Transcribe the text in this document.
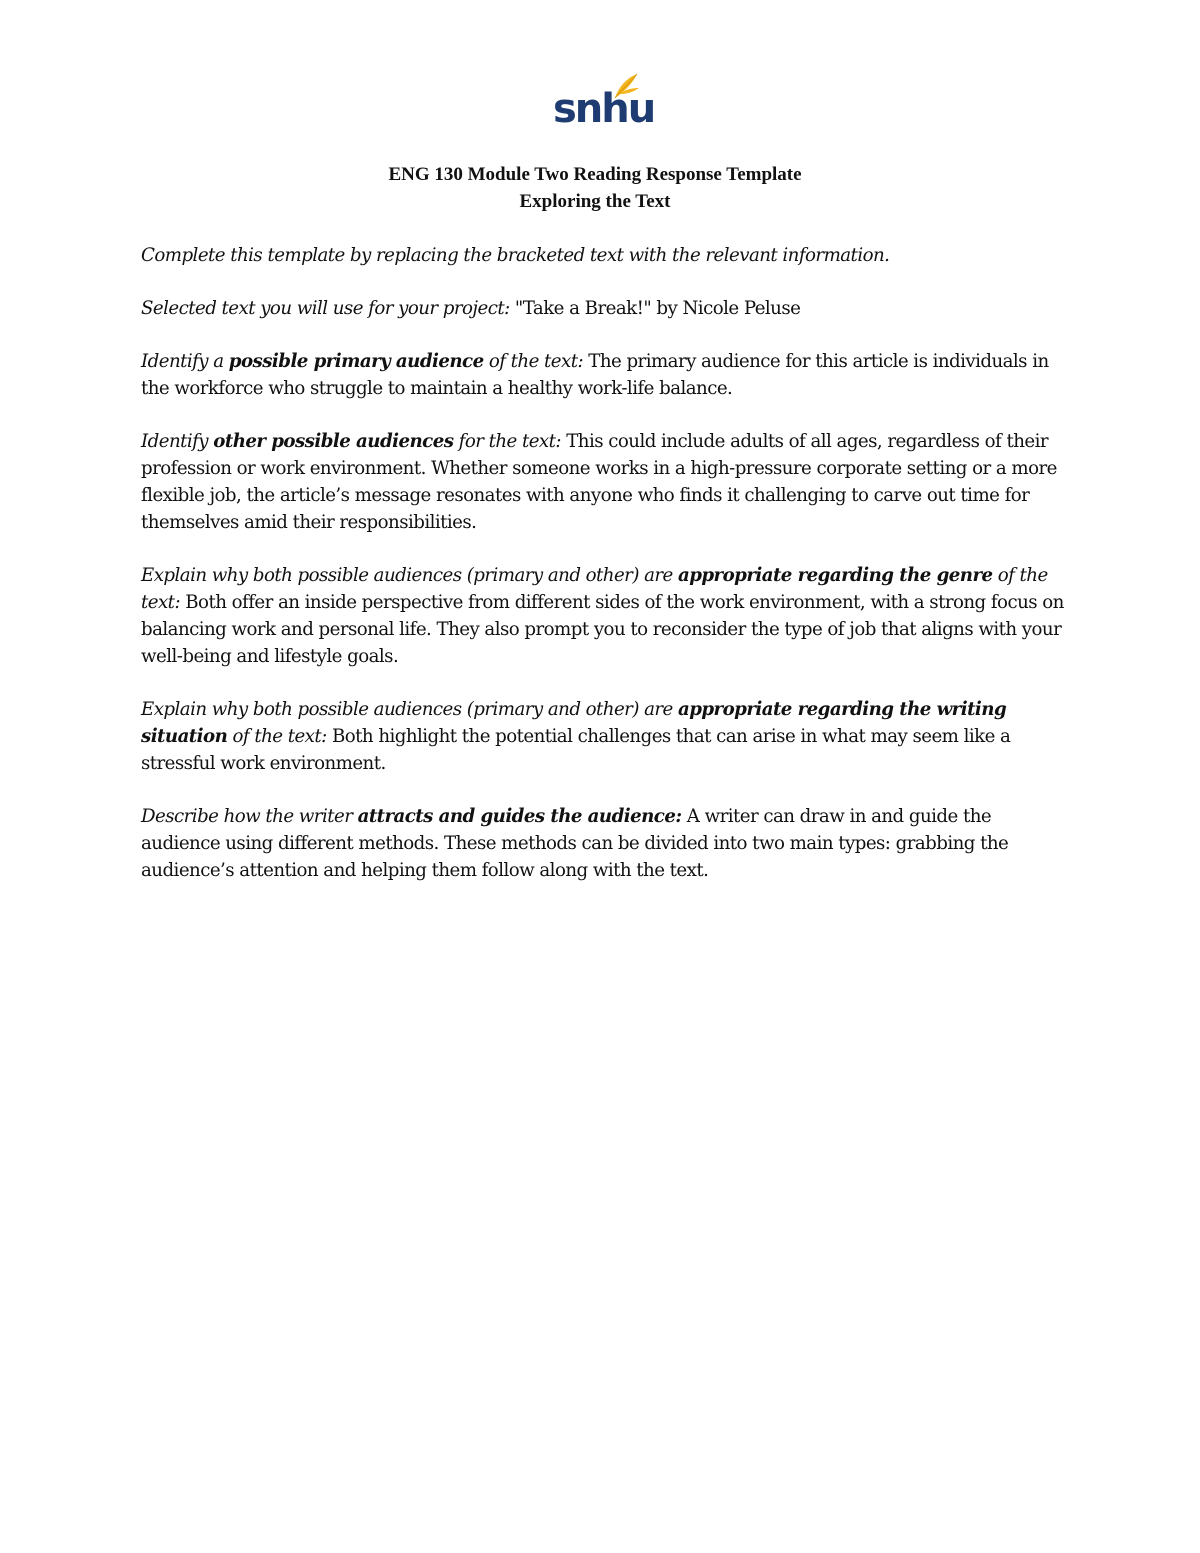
snhu
ENG 130 Module Two Reading Response Template
Exploring the Text

Complete this template by replacing the bracketed text with the relevant information.

Selected text you will use for your project: "Take a Break!" by Nicole Peluse

Identify a possible primary audience of the text: The primary audience for this article is individuals in the workforce who struggle to maintain a healthy work-life balance.

Identify other possible audiences for the text: This could include adults of all ages, regardless of their profession or work environment. Whether someone works in a high-pressure corporate setting or a more flexible job, the article’s message resonates with anyone who finds it challenging to carve out time for themselves amid their responsibilities.

Explain why both possible audiences (primary and other) are appropriate regarding the genre of the text: Both offer an inside perspective from different sides of the work environment, with a strong focus on balancing work and personal life. They also prompt you to reconsider the type of job that aligns with your well-being and lifestyle goals.

Explain why both possible audiences (primary and other) are appropriate regarding the writing situation of the text: Both highlight the potential challenges that can arise in what may seem like a stressful work environment.

Describe how the writer attracts and guides the audience: A writer can draw in and guide the audience using different methods. These methods can be divided into two main types: grabbing the audience’s attention and helping them follow along with the text.
